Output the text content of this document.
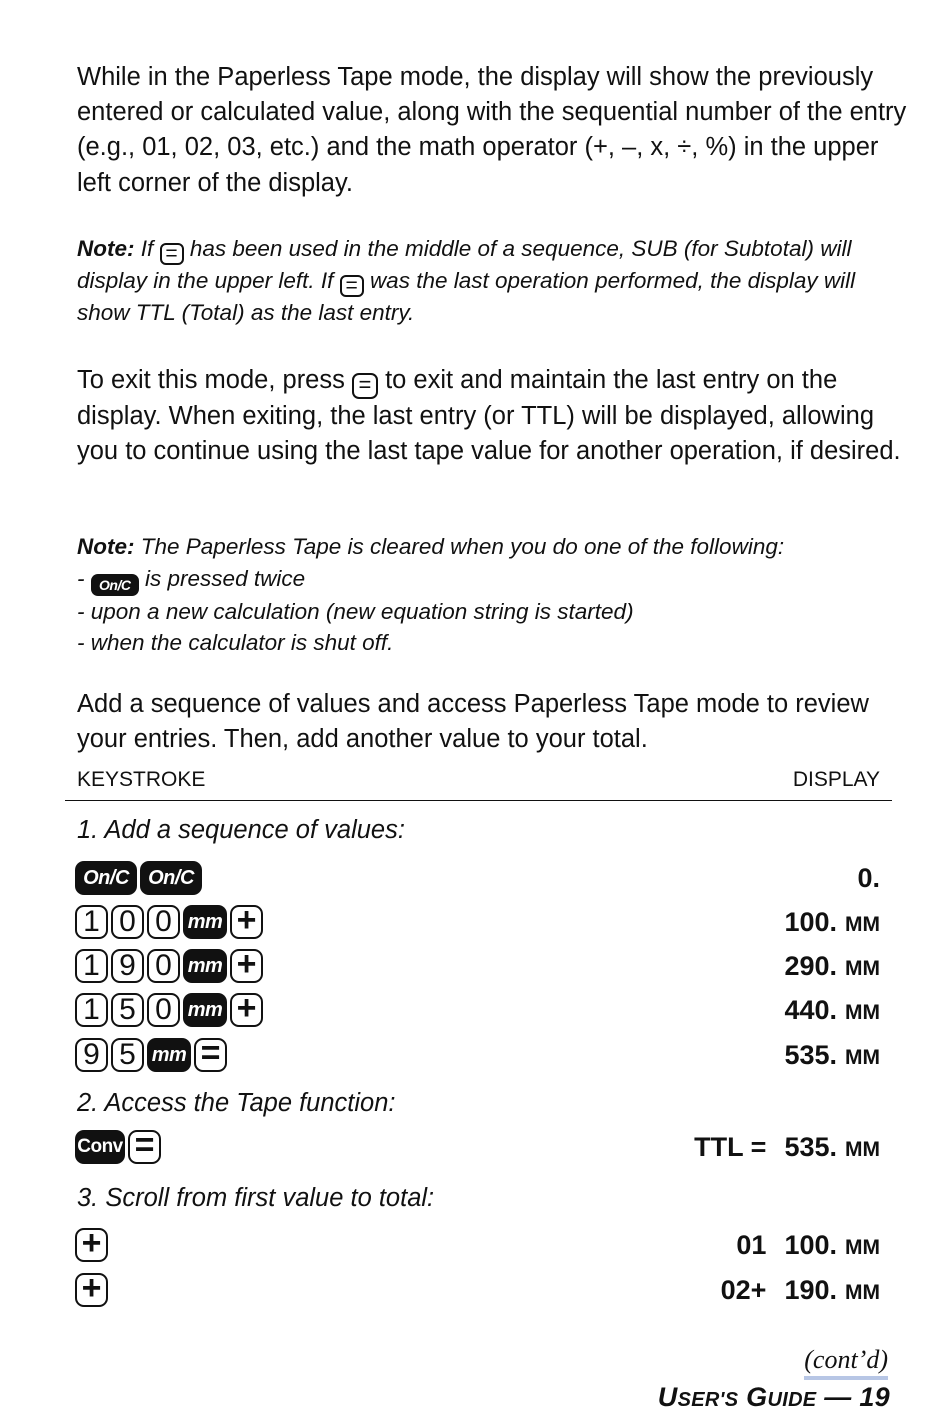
While in the Paperless Tape mode, the display will show the previously entered or calculated value, along with the sequential number of the entry (e.g., 01, 02, 03, etc.) and the math operator (+, –, x, ÷, %) in the upper left corner of the display.
Note: If = has been used in the middle of a sequence, SUB (for Subtotal) will display in the upper left. If = was the last operation performed, the display will show TTL (Total) as the last entry.
To exit this mode, press = to exit and maintain the last entry on the display. When exiting, the last entry (or TTL) will be displayed, allowing you to continue using the last tape value for another operation, if desired.
Note: The Paperless Tape is cleared when you do one of the following:
- On/C is pressed twice
- upon a new calculation (new equation string is started)
- when the calculator is shut off.
Add a sequence of values and access Paperless Tape mode to review your entries. Then, add another value to your total.
KEYSTROKE	DISPLAY
1. Add a sequence of values:
On/C On/C	0.
1 0 0 mm +	100. MM
1 9 0 mm +	290. MM
1 5 0 mm +	440. MM
9 5 mm =	535. MM
2. Access the Tape function:
Conv =	TTL = 535. MM
3. Scroll from first value to total:
+	01 100. MM
+	02+ 190. MM
(cont’d)
USER'S GUIDE — 19
